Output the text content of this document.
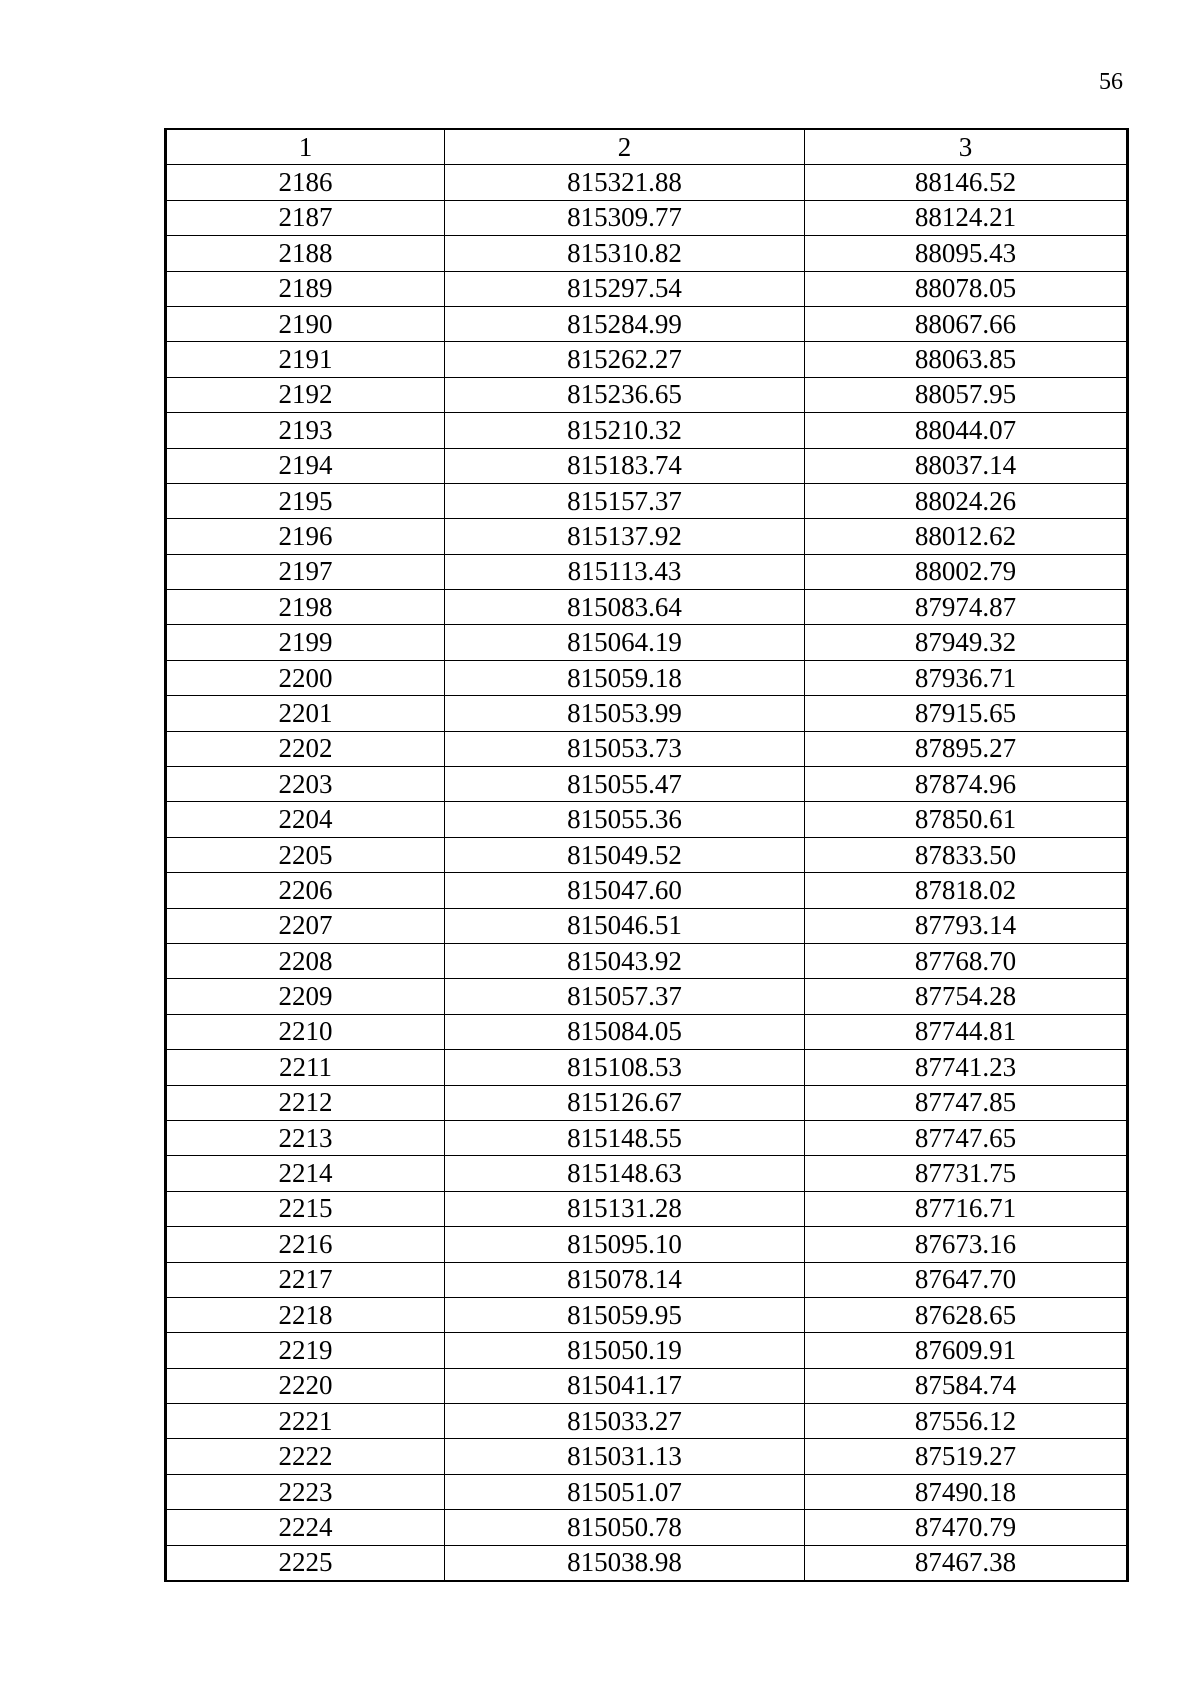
56
1	2	3
2186	815321.88	88146.52
2187	815309.77	88124.21
2188	815310.82	88095.43
2189	815297.54	88078.05
2190	815284.99	88067.66
2191	815262.27	88063.85
2192	815236.65	88057.95
2193	815210.32	88044.07
2194	815183.74	88037.14
2195	815157.37	88024.26
2196	815137.92	88012.62
2197	815113.43	88002.79
2198	815083.64	87974.87
2199	815064.19	87949.32
2200	815059.18	87936.71
2201	815053.99	87915.65
2202	815053.73	87895.27
2203	815055.47	87874.96
2204	815055.36	87850.61
2205	815049.52	87833.50
2206	815047.60	87818.02
2207	815046.51	87793.14
2208	815043.92	87768.70
2209	815057.37	87754.28
2210	815084.05	87744.81
2211	815108.53	87741.23
2212	815126.67	87747.85
2213	815148.55	87747.65
2214	815148.63	87731.75
2215	815131.28	87716.71
2216	815095.10	87673.16
2217	815078.14	87647.70
2218	815059.95	87628.65
2219	815050.19	87609.91
2220	815041.17	87584.74
2221	815033.27	87556.12
2222	815031.13	87519.27
2223	815051.07	87490.18
2224	815050.78	87470.79
2225	815038.98	87467.38
